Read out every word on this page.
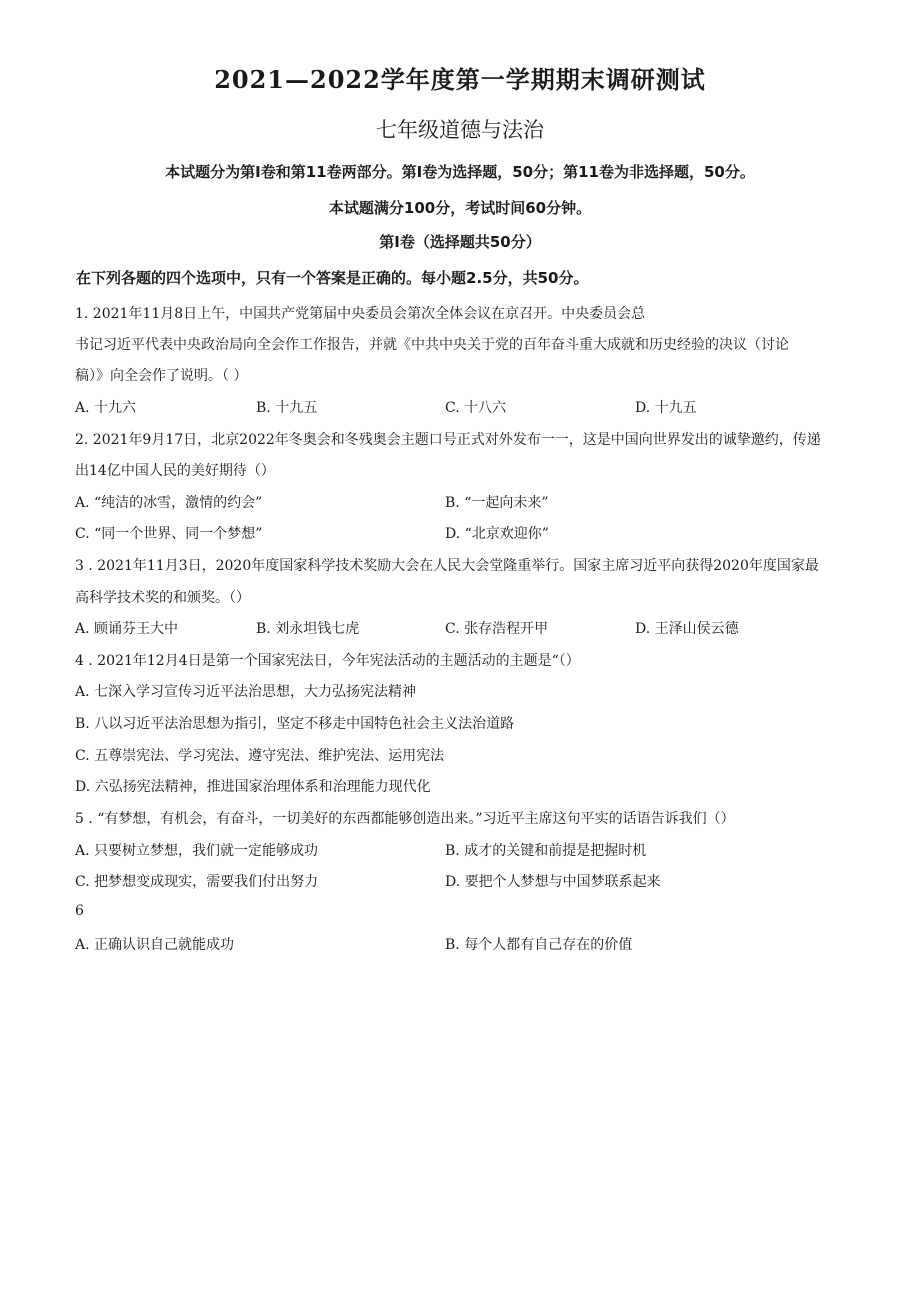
2021—2022学年度第一学期期末调研测试
七年级道德与法治
本试题分为第Ⅰ卷和第11卷两部分。第Ⅰ卷为选择题，50分；第11卷为非选择题，50分。
本试题满分100分，考试时间60分钟。
第Ⅰ卷（选择题共50分）
在下列各题的四个选项中，只有一个答案是正确的。每小题2.5分，共50分。
1. 2021年11月8日上午，中国共产党第届中央委员会第次全体会议在京召开。中央委员会总
书记习近平代表中央政治局向全会作工作报告，并就《中共中央关于党的百年奋斗重大成就和历史经验的决议（讨论
稿）》向全会作了说明。（ ）
A. 十九六	B. 十九五	C. 十八六	D. 十九五
2. 2021年9月17日，北京2022年冬奥会和冬残奥会主题口号正式对外发布一一，这是中国向世界发出的诚挚邀约，传递
出14亿中国人民的美好期待（）
A. “纯洁的冰雪，激情的约会”	B. “一起向未来”
C. “同一个世界、同一个梦想”	D. “北京欢迎你”
3 . 2021年11月3日，2020年度国家科学技术奖励大会在人民大会堂隆重举行。国家主席习近平向获得2020年度国家最
高科学技术奖的和颁奖。（）
A. 顾诵芬王大中	B. 刘永坦钱七虎	C. 张存浩程开甲	D. 王泽山侯云德
4 . 2021年12月4日是第一个国家宪法日，今年宪法活动的主题活动的主题是“（）
A. 七深入学习宣传习近平法治思想，大力弘扬宪法精神
B. 八以习近平法治思想为指引，坚定不移走中国特色社会主义法治道路
C. 五尊崇宪法、学习宪法、遵守宪法、维护宪法、运用宪法
D. 六弘扬宪法精神，推进国家治理体系和治理能力现代化
5 . “有梦想，有机会，有奋斗，一切美好的东西都能够创造出来。”习近平主席这句平实的话语告诉我们（）
A. 只要树立梦想，我们就一定能够成功	B. 成才的关键和前提是把握时机
C. 把梦想变成现实，需要我们付出努力	D. 要把个人梦想与中国梦联系起来
6
A. 正确认识自己就能成功	B. 每个人都有自己存在的价值
